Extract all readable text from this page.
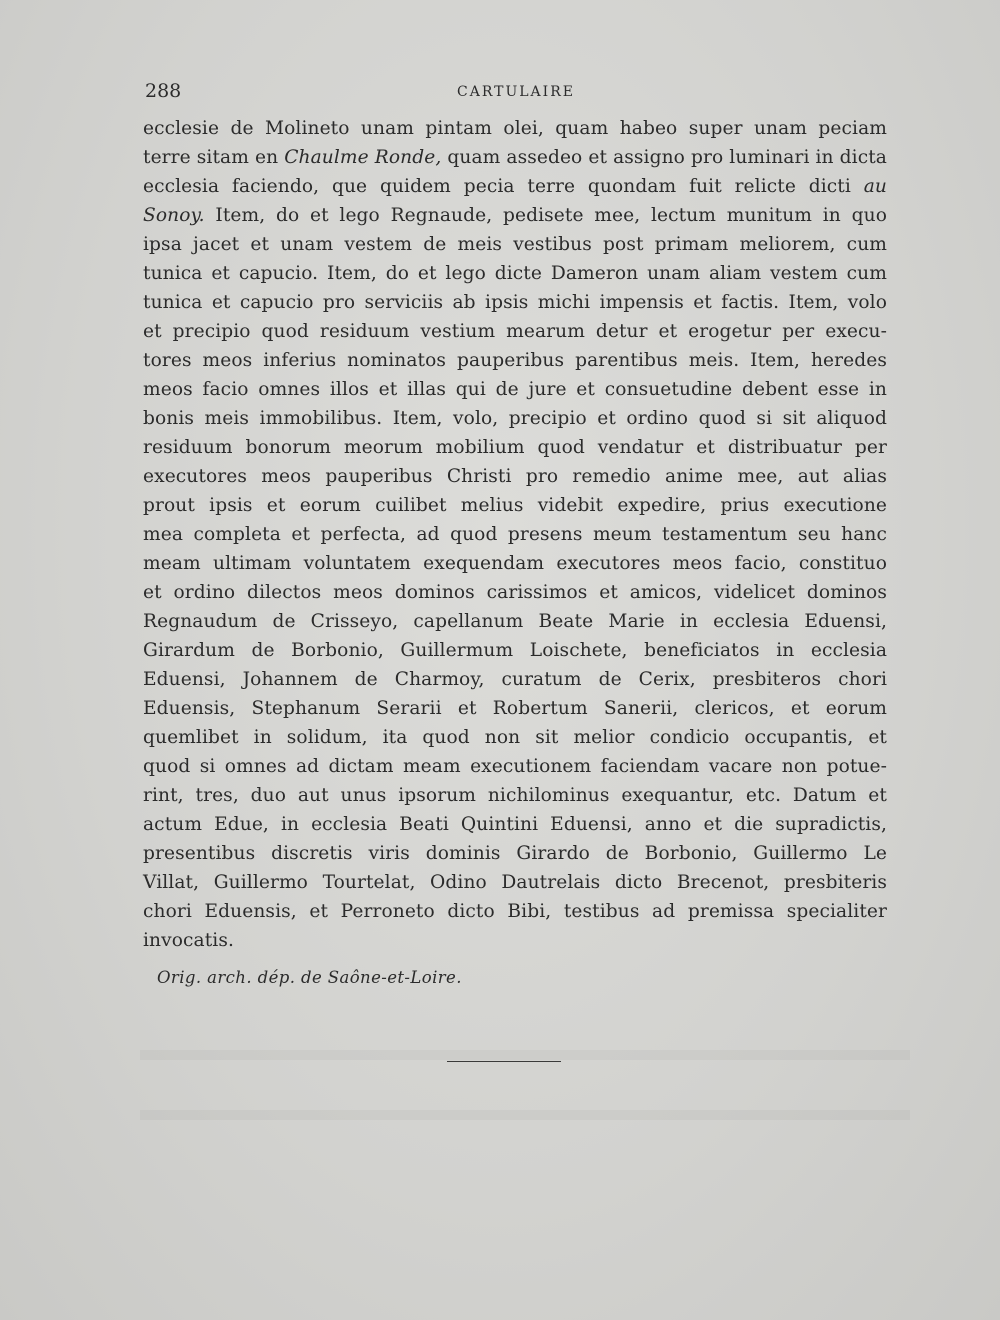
288	CARTULAIRE
ecclesie de Molineto unam pintam olei, quam habeo super unam peciam
terre sitam en Chaulme Ronde, quam assedeo et assigno pro luminari in dicta
ecclesia faciendo, que quidem pecia terre quondam fuit relicte dicti au
Sonoy. Item, do et lego Regnaude, pedisete mee, lectum munitum in quo
ipsa jacet et unam vestem de meis vestibus post primam meliorem, cum
tunica et capucio. Item, do et lego dicte Dameron unam aliam vestem cum
tunica et capucio pro serviciis ab ipsis michi impensis et factis. Item, volo
et precipio quod residuum vestium mearum detur et erogetur per execu-
tores meos inferius nominatos pauperibus parentibus meis. Item, heredes
meos facio omnes illos et illas qui de jure et consuetudine debent esse in
bonis meis immobilibus. Item, volo, precipio et ordino quod si sit aliquod
residuum bonorum meorum mobilium quod vendatur et distribuatur per
executores meos pauperibus Christi pro remedio anime mee, aut alias
prout ipsis et eorum cuilibet melius videbit expedire, prius executione
mea completa et perfecta, ad quod presens meum testamentum seu hanc
meam ultimam voluntatem exequendam executores meos facio, constituo
et ordino dilectos meos dominos carissimos et amicos, videlicet dominos
Regnaudum de Crisseyo, capellanum Beate Marie in ecclesia Eduensi,
Girardum de Borbonio, Guillermum Loischete, beneficiatos in ecclesia
Eduensi, Johannem de Charmoy, curatum de Cerix, presbiteros chori
Eduensis, Stephanum Serarii et Robertum Sanerii, clericos, et eorum
quemlibet in solidum, ita quod non sit melior condicio occupantis, et
quod si omnes ad dictam meam executionem faciendam vacare non potue-
rint, tres, duo aut unus ipsorum nichilominus exequantur, etc. Datum et
actum Edue, in ecclesia Beati Quintini Eduensi, anno et die supradictis,
presentibus discretis viris dominis Girardo de Borbonio, Guillermo Le
Villat, Guillermo Tourtelat, Odino Dautrelais dicto Brecenot, presbiteris
chori Eduensis, et Perroneto dicto Bibi, testibus ad premissa specialiter
invocatis.
Orig. arch. dép. de Saône-et-Loire.
